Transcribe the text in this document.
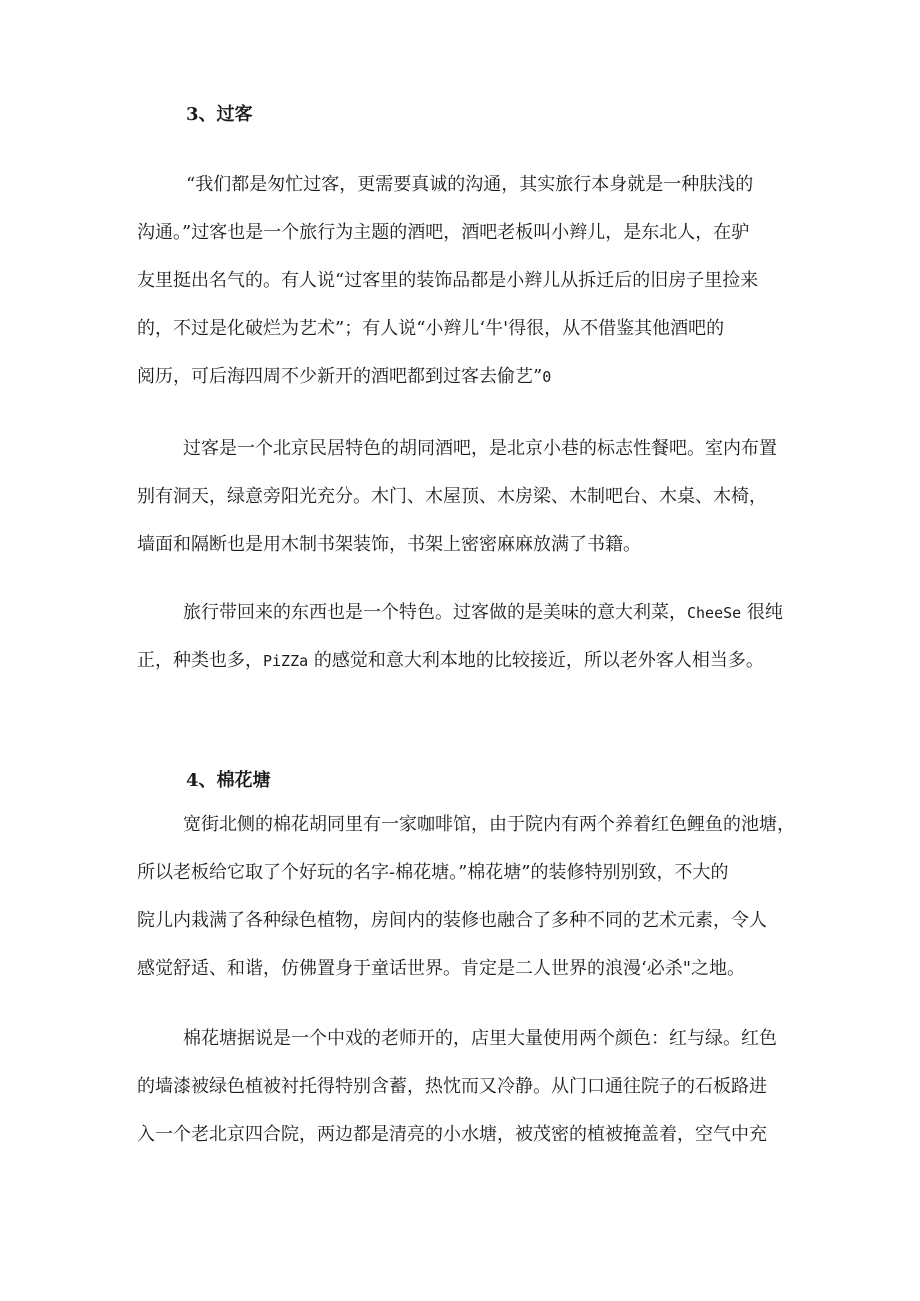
3、过客
“我们都是匆忙过客，更需要真诚的沟通，其实旅行本身就是一种肤浅的
沟通。”过客也是一个旅行为主题的酒吧，酒吧老板叫小辫儿，是东北人，在驴
友里挺出名气的。有人说“过客里的装饰品都是小辫儿从拆迁后的旧房子里捡来
的，不过是化破烂为艺术”；有人说“小辫儿‘牛'得很，从不借鉴其他酒吧的
阅历，可后海四周不少新开的酒吧都到过客去偷艺”0
过客是一个北京民居特色的胡同酒吧，是北京小巷的标志性餐吧。室内布置
别有洞天，绿意旁阳光充分。木门、木屋顶、木房梁、木制吧台、木桌、木椅，
墙面和隔断也是用木制书架装饰，书架上密密麻麻放满了书籍。
旅行带回来的东西也是一个特色。过客做的是美味的意大利菜，CheeSe 很纯
正，种类也多，PiZZa 的感觉和意大利本地的比较接近，所以老外客人相当多。
4、棉花塘
宽街北侧的棉花胡同里有一家咖啡馆，由于院内有两个养着红色鲤鱼的池塘，
所以老板给它取了个好玩的名字-棉花塘。”棉花塘”的装修特别别致，不大的
院儿内栽满了各种绿色植物，房间内的装修也融合了多种不同的艺术元素，令人
感觉舒适、和谐，仿佛置身于童话世界。肯定是二人世界的浪漫‘必杀"之地。
棉花塘据说是一个中戏的老师开的，店里大量使用两个颜色：红与绿。红色
的墙漆被绿色植被衬托得特别含蓄，热忱而又冷静。从门口通往院子的石板路进
入一个老北京四合院，两边都是清亮的小水塘，被茂密的植被掩盖着，空气中充
